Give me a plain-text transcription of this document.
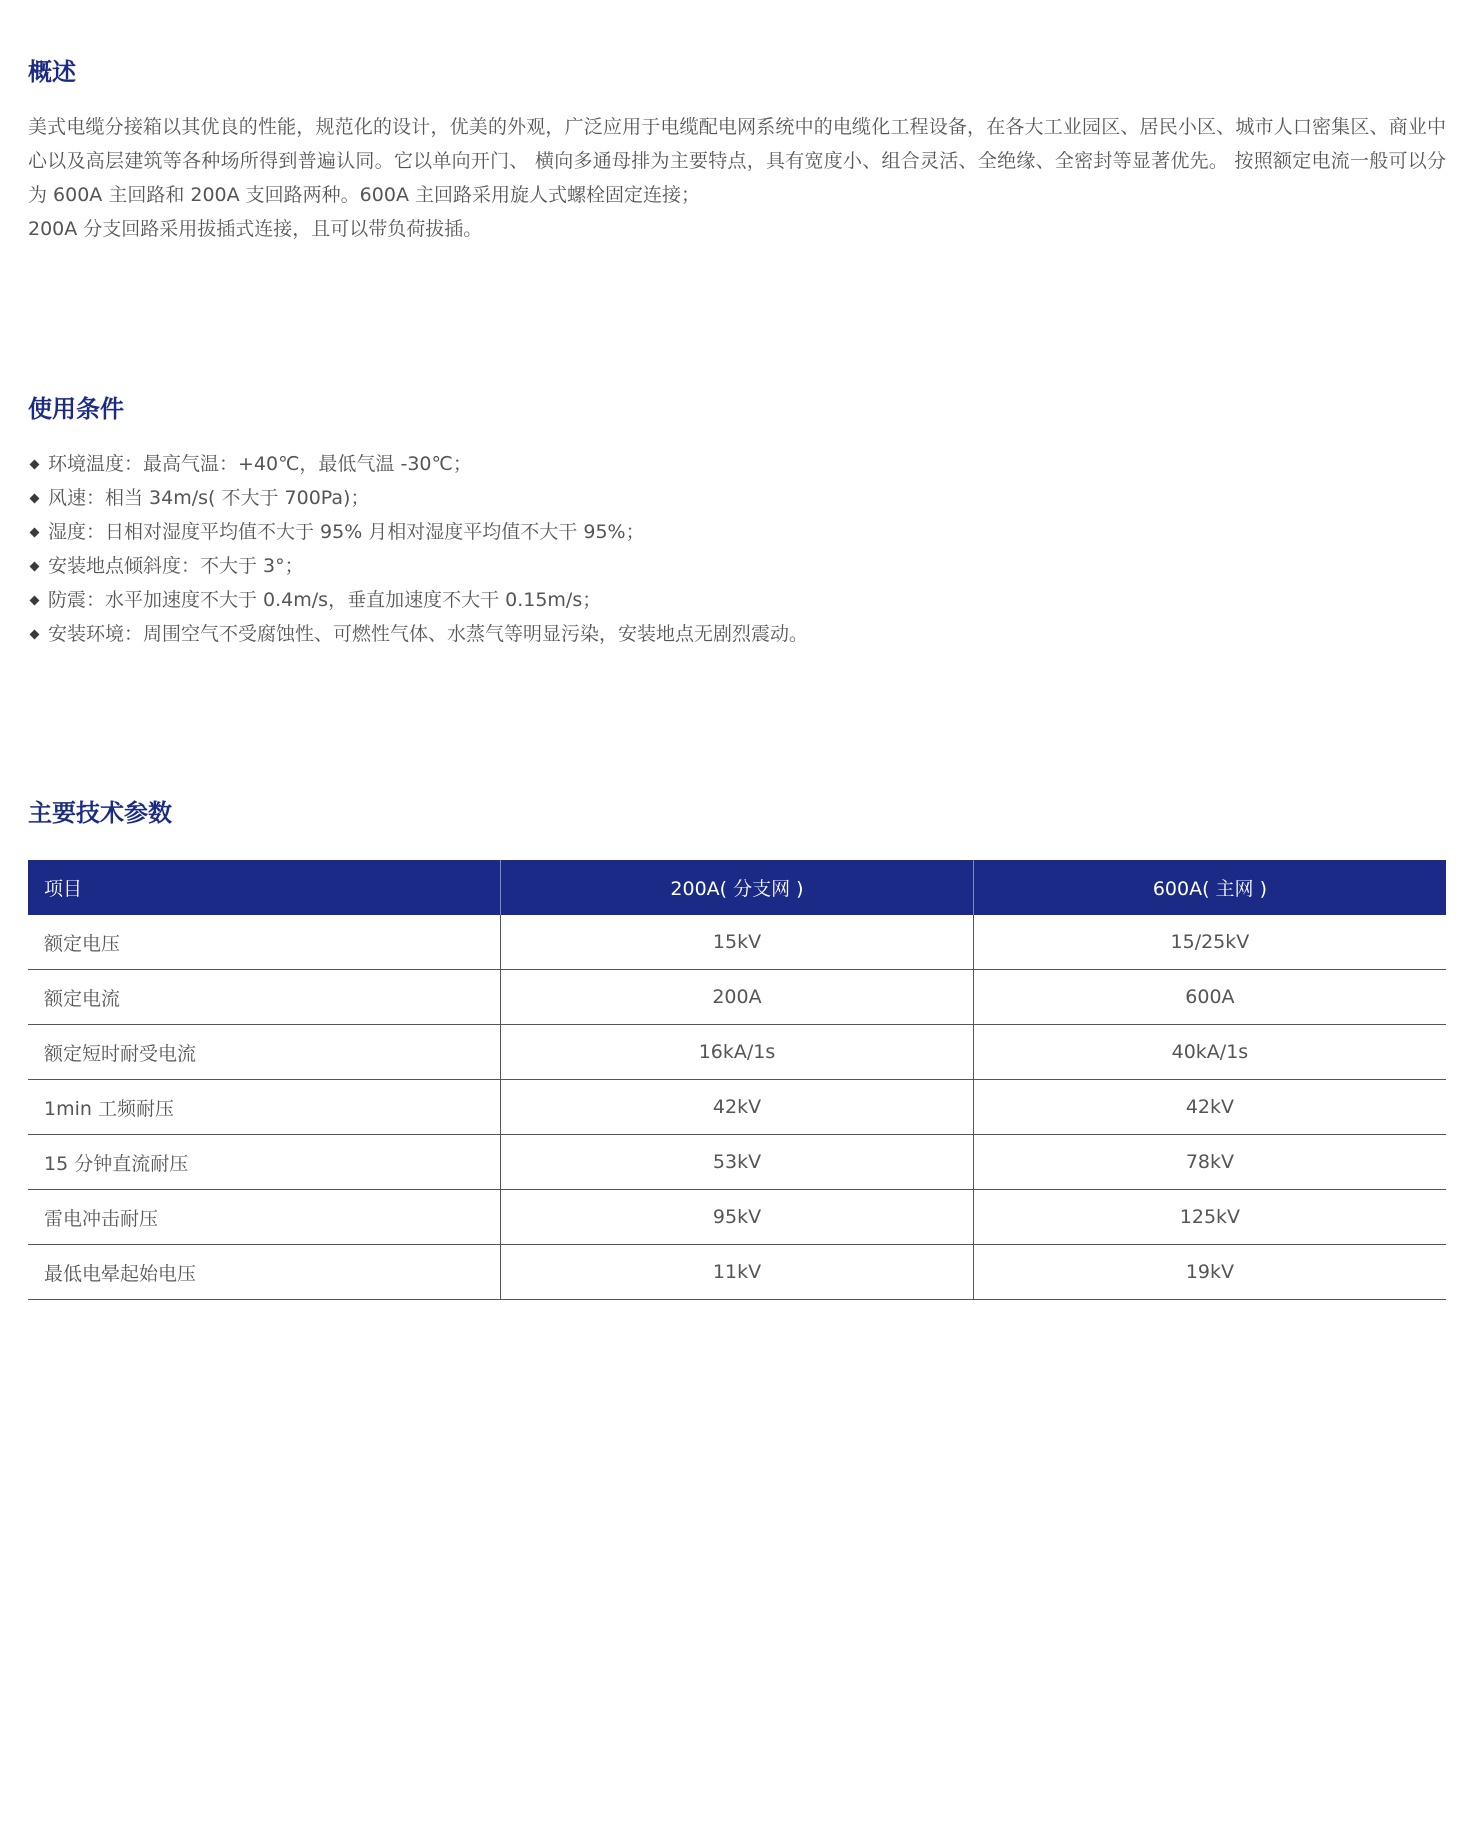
概述

美式电缆分接箱以其优良的性能，规范化的设计，优美的外观，广泛应用于电缆配电网系统中的电缆化工程设备，在各大工业园区、居民小区、城市人口密集区、商业中心以及高层建筑等各种场所得到普遍认同。它以单向开门、 横向多通母排为主要特点，具有宽度小、组合灵活、全绝缘、全密封等显著优先。 按照额定电流一般可以分为 600A 主回路和 200A 支回路两种。600A 主回路采用旋人式螺栓固定连接；

200A 分支回路采用拔插式连接，且可以带负荷拔插。

使用条件
环境温度：最高气温：+40℃，最低气温 -30℃；
风速：相当 34m/s( 不大于 700Pa)；
湿度：日相对湿度平均值不大于 95% 月相对湿度平均值不大干 95%；
安装地点倾斜度：不大于 3°；
防震：水平加速度不大于 0.4m/s，垂直加速度不大干 0.15m/s；
安装环境：周围空气不受腐蚀性、可燃性气体、水蒸气等明显污染，安装地点无剧烈震动。
主要技术参数
项目	200A( 分支网 )	600A( 主网 )
额定电压	15kV	15/25kV
额定电流	200A	600A
额定短时耐受电流	16kA/1s	40kA/1s
1min 工频耐压	42kV	42kV
15 分钟直流耐压	53kV	78kV
雷电冲击耐压	95kV	125kV
最低电晕起始电压	11kV	19kV
